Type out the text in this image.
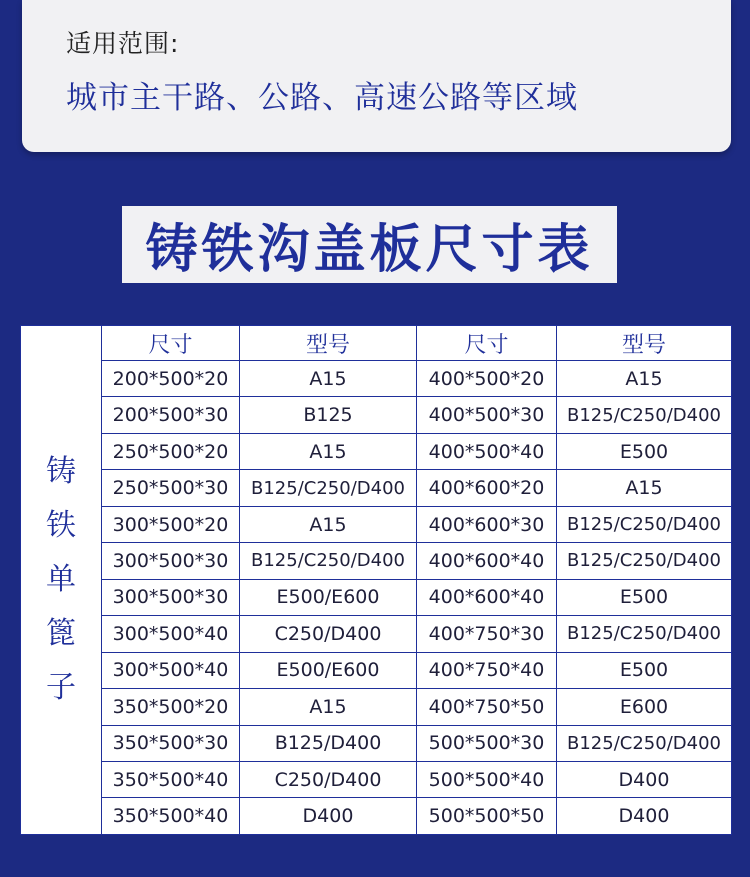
适用范围:
城市主干路、公路、高速公路等区域
铸铁沟盖板尺寸表
铸
铁
单
篦
子	尺寸	型号	尺寸	型号
	200*500*20	A15	400*500*20	A15
	200*500*30	B125	400*500*30	B125/C250/D400
	250*500*20	A15	400*500*40	E500
	250*500*30	B125/C250/D400	400*600*20	A15
	300*500*20	A15	400*600*30	B125/C250/D400
	300*500*30	B125/C250/D400	400*600*40	B125/C250/D400
	300*500*30	E500/E600	400*600*40	E500
	300*500*40	C250/D400	400*750*30	B125/C250/D400
	300*500*40	E500/E600	400*750*40	E500
	350*500*20	A15	400*750*50	E600
	350*500*30	B125/D400	500*500*30	B125/C250/D400
	350*500*40	C250/D400	500*500*40	D400
	350*500*40	D400	500*500*50	D400
